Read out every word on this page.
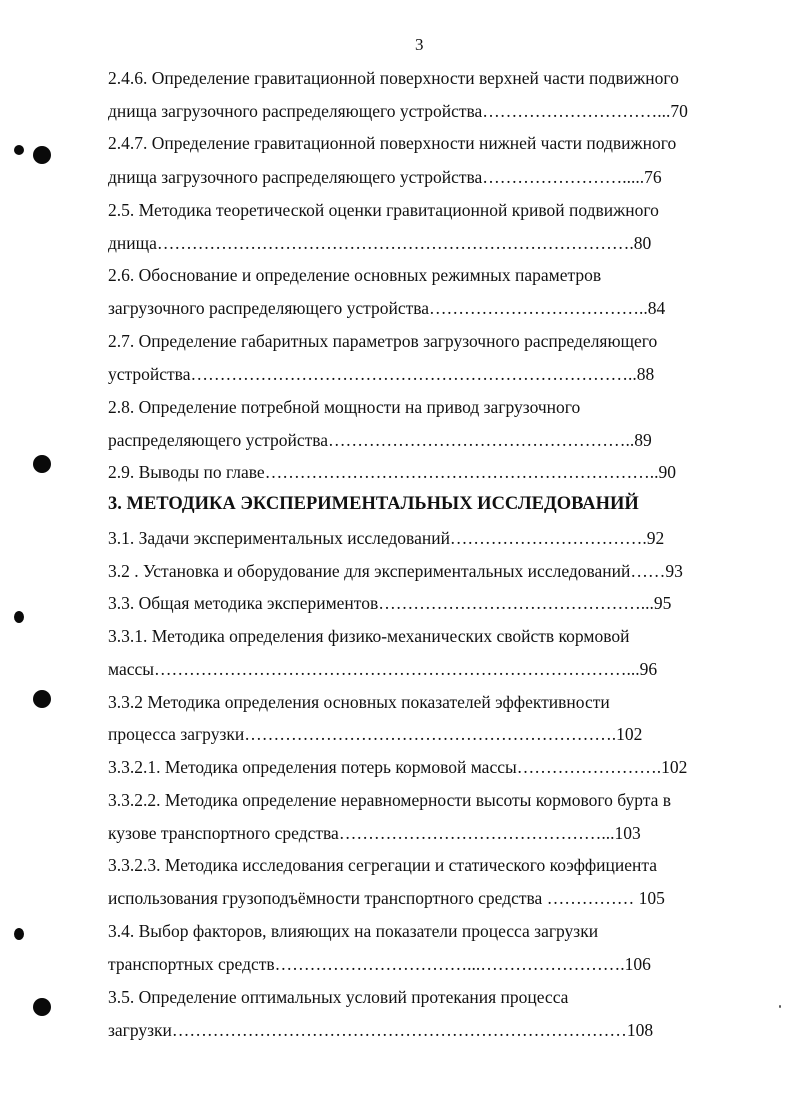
3
2.4.6. Определение гравитационной поверхности верхней части подвижного
днища загрузочного распределяющего устройства…………………………...70
2.4.7. Определение гравитационной поверхности нижней части подвижного
днища загрузочного распределяющего устройства…………………….....76
2.5. Методика теоретической оценки гравитационной кривой подвижного
днища……………………………………………………………………….80
2.6. Обоснование и определение основных режимных параметров
загрузочного распределяющего устройства………………………………..84
2.7. Определение габаритных параметров загрузочного распределяющего
устройства…………………………………………………………………..88
2.8. Определение потребной мощности на привод загрузочного
распределяющего устройства……………………………………………..89
2.9. Выводы по главе…………………………………………………………..90
3. МЕТОДИКА ЭКСПЕРИМЕНТАЛЬНЫХ ИССЛЕДОВАНИЙ
3.1. Задачи экспериментальных исследований…………………………….92
3.2 . Установка и оборудование для экспериментальных исследований……93
3.3. Общая методика экспериментов………………………………………...95
3.3.1. Методика определения физико-механических свойств кормовой
массы………………………………………………………………………...96
3.3.2 Методика определения основных показателей эффективности
процесса загрузки……………………………………………………….102
3.3.2.1. Методика определения потерь кормовой массы…………………….102
3.3.2.2. Методика определение неравномерности высоты кормового бурта в
кузове транспортного средства………………………………………...103
3.3.2.3. Методика исследования сегрегации и статического коэффициента
использования грузоподъёмности транспортного средства …………… 105
3.4. Выбор факторов, влияющих на показатели процесса загрузки
транспортных средств……………………………...…………………….106
3.5. Определение оптимальных условий протекания процесса
загрузки……………………………………………………………………108
